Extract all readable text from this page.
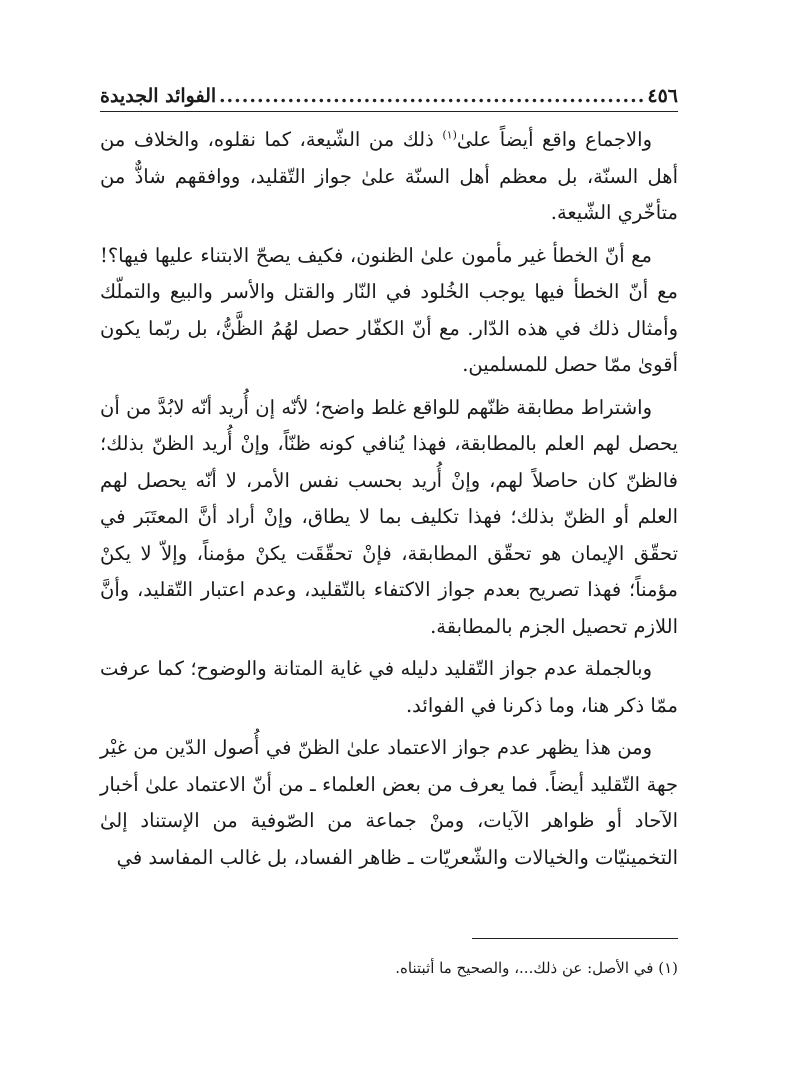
٤٥٦
.....
الفوائد الجديدة

والاجماع واقع أيضاً علىٰ$^{(١)}$ ذلك من الشّيعة، كما نقلوه، والخلاف من أهل السنّة، بل معظم أهل السنّة علىٰ جواز التّقليد، ووافقهم شاذٌّ من متأخّري الشّيعة.

مع أنّ الخطأ غير مأمون علىٰ الظنون، فكيف يصحّ الابتناء عليها فيها؟! مع أنّ الخطأ فيها يوجب الخُلود في النّار والقتل والأسر والبيع والتملّك وأمثال ذلك في هذه الدّار. مع أنّ الكفّار حصل لهُمُ الظَّنُّ، بل ربّما يكون أقوىٰ ممّا حصل للمسلمين.

واشتراط مطابقة ظنّهم للواقع غلط واضح؛ لأنّه إن أُريد أنّه لابُدَّ من أن يحصل لهم العلم بالمطابقة، فهذا يُنافي كونه ظنّاً، وإنْ أُريد الظنّ بذلك؛ فالظنّ كان حاصلاً لهم، وإنْ أُريد بحسب نفس الأمر، لا أنّه يحصل لهم العلم أو الظنّ بذلك؛ فهذا تكليف بما لا يطاق، وإنْ أراد أنَّ المعتَبَر في تحقّق الإيمان هو تحقّق المطابقة، فإنْ تحقّقَت يكنْ مؤمناً، وإلاّ لا يكنْ مؤمناً؛ فهذا تصريح بعدم جواز الاكتفاء بالتّقليد، وعدم اعتبار التّقليد، وأنَّ اللازم تحصيل الجزم بالمطابقة.

وبالجملة عدم جواز التّقليد دليله في غاية المتانة والوضوح؛ كما عرفت ممّا ذكر هنا، وما ذكرنا في الفوائد.

ومن هذا يظهر عدم جواز الاعتماد علىٰ الظنّ في أُصول الدّين من غيْر جهة التّقليد أيضاً. فما يعرف من بعض العلماء ـ من أنّ الاعتماد علىٰ أخبار الآحاد أو ظواهر الآيات، ومنْ جماعة من الصّوفية من الإستناد إلىٰ التخمينيّات والخيالات والشّعريّات ـ ظاهر الفساد، بل غالب المفاسد في

(١) في الأصل: عن ذلك...، والصحيح ما أثبتناه.
